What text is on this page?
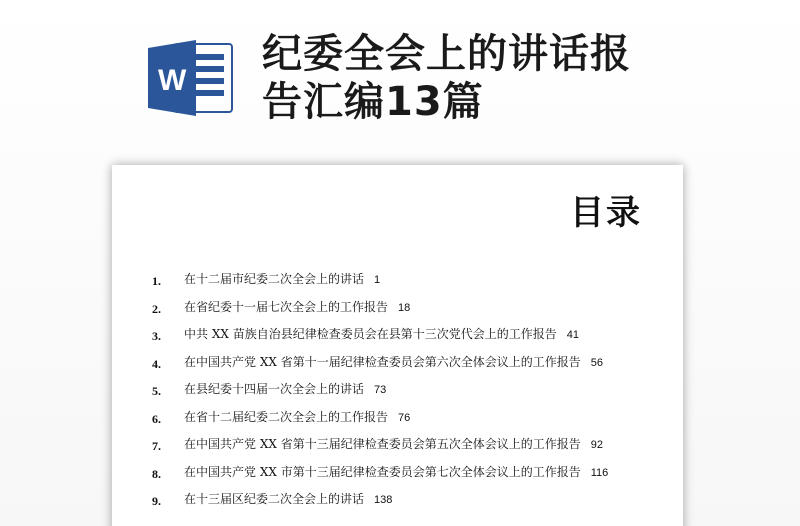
W
纪委全会上的讲话报
告汇编13篇
目录
1.	在十二届市纪委二次全会上的讲话 1
2.	在省纪委十一届七次全会上的工作报告 18
3.	中共 XX 苗族自治县纪律检查委员会在县第十三次党代会上的工作报告 41
4.	在中国共产党 XX 省第十一届纪律检查委员会第六次全体会议上的工作报告 56
5.	在县纪委十四届一次全会上的讲话 73
6.	在省十二届纪委二次全会上的工作报告 76
7.	在中国共产党 XX 省第十三届纪律检查委员会第五次全体会议上的工作报告 92
8.	在中国共产党 XX 市第十三届纪律检查委员会第七次全体会议上的工作报告 116
9.	在十三届区纪委二次全会上的讲话 138
